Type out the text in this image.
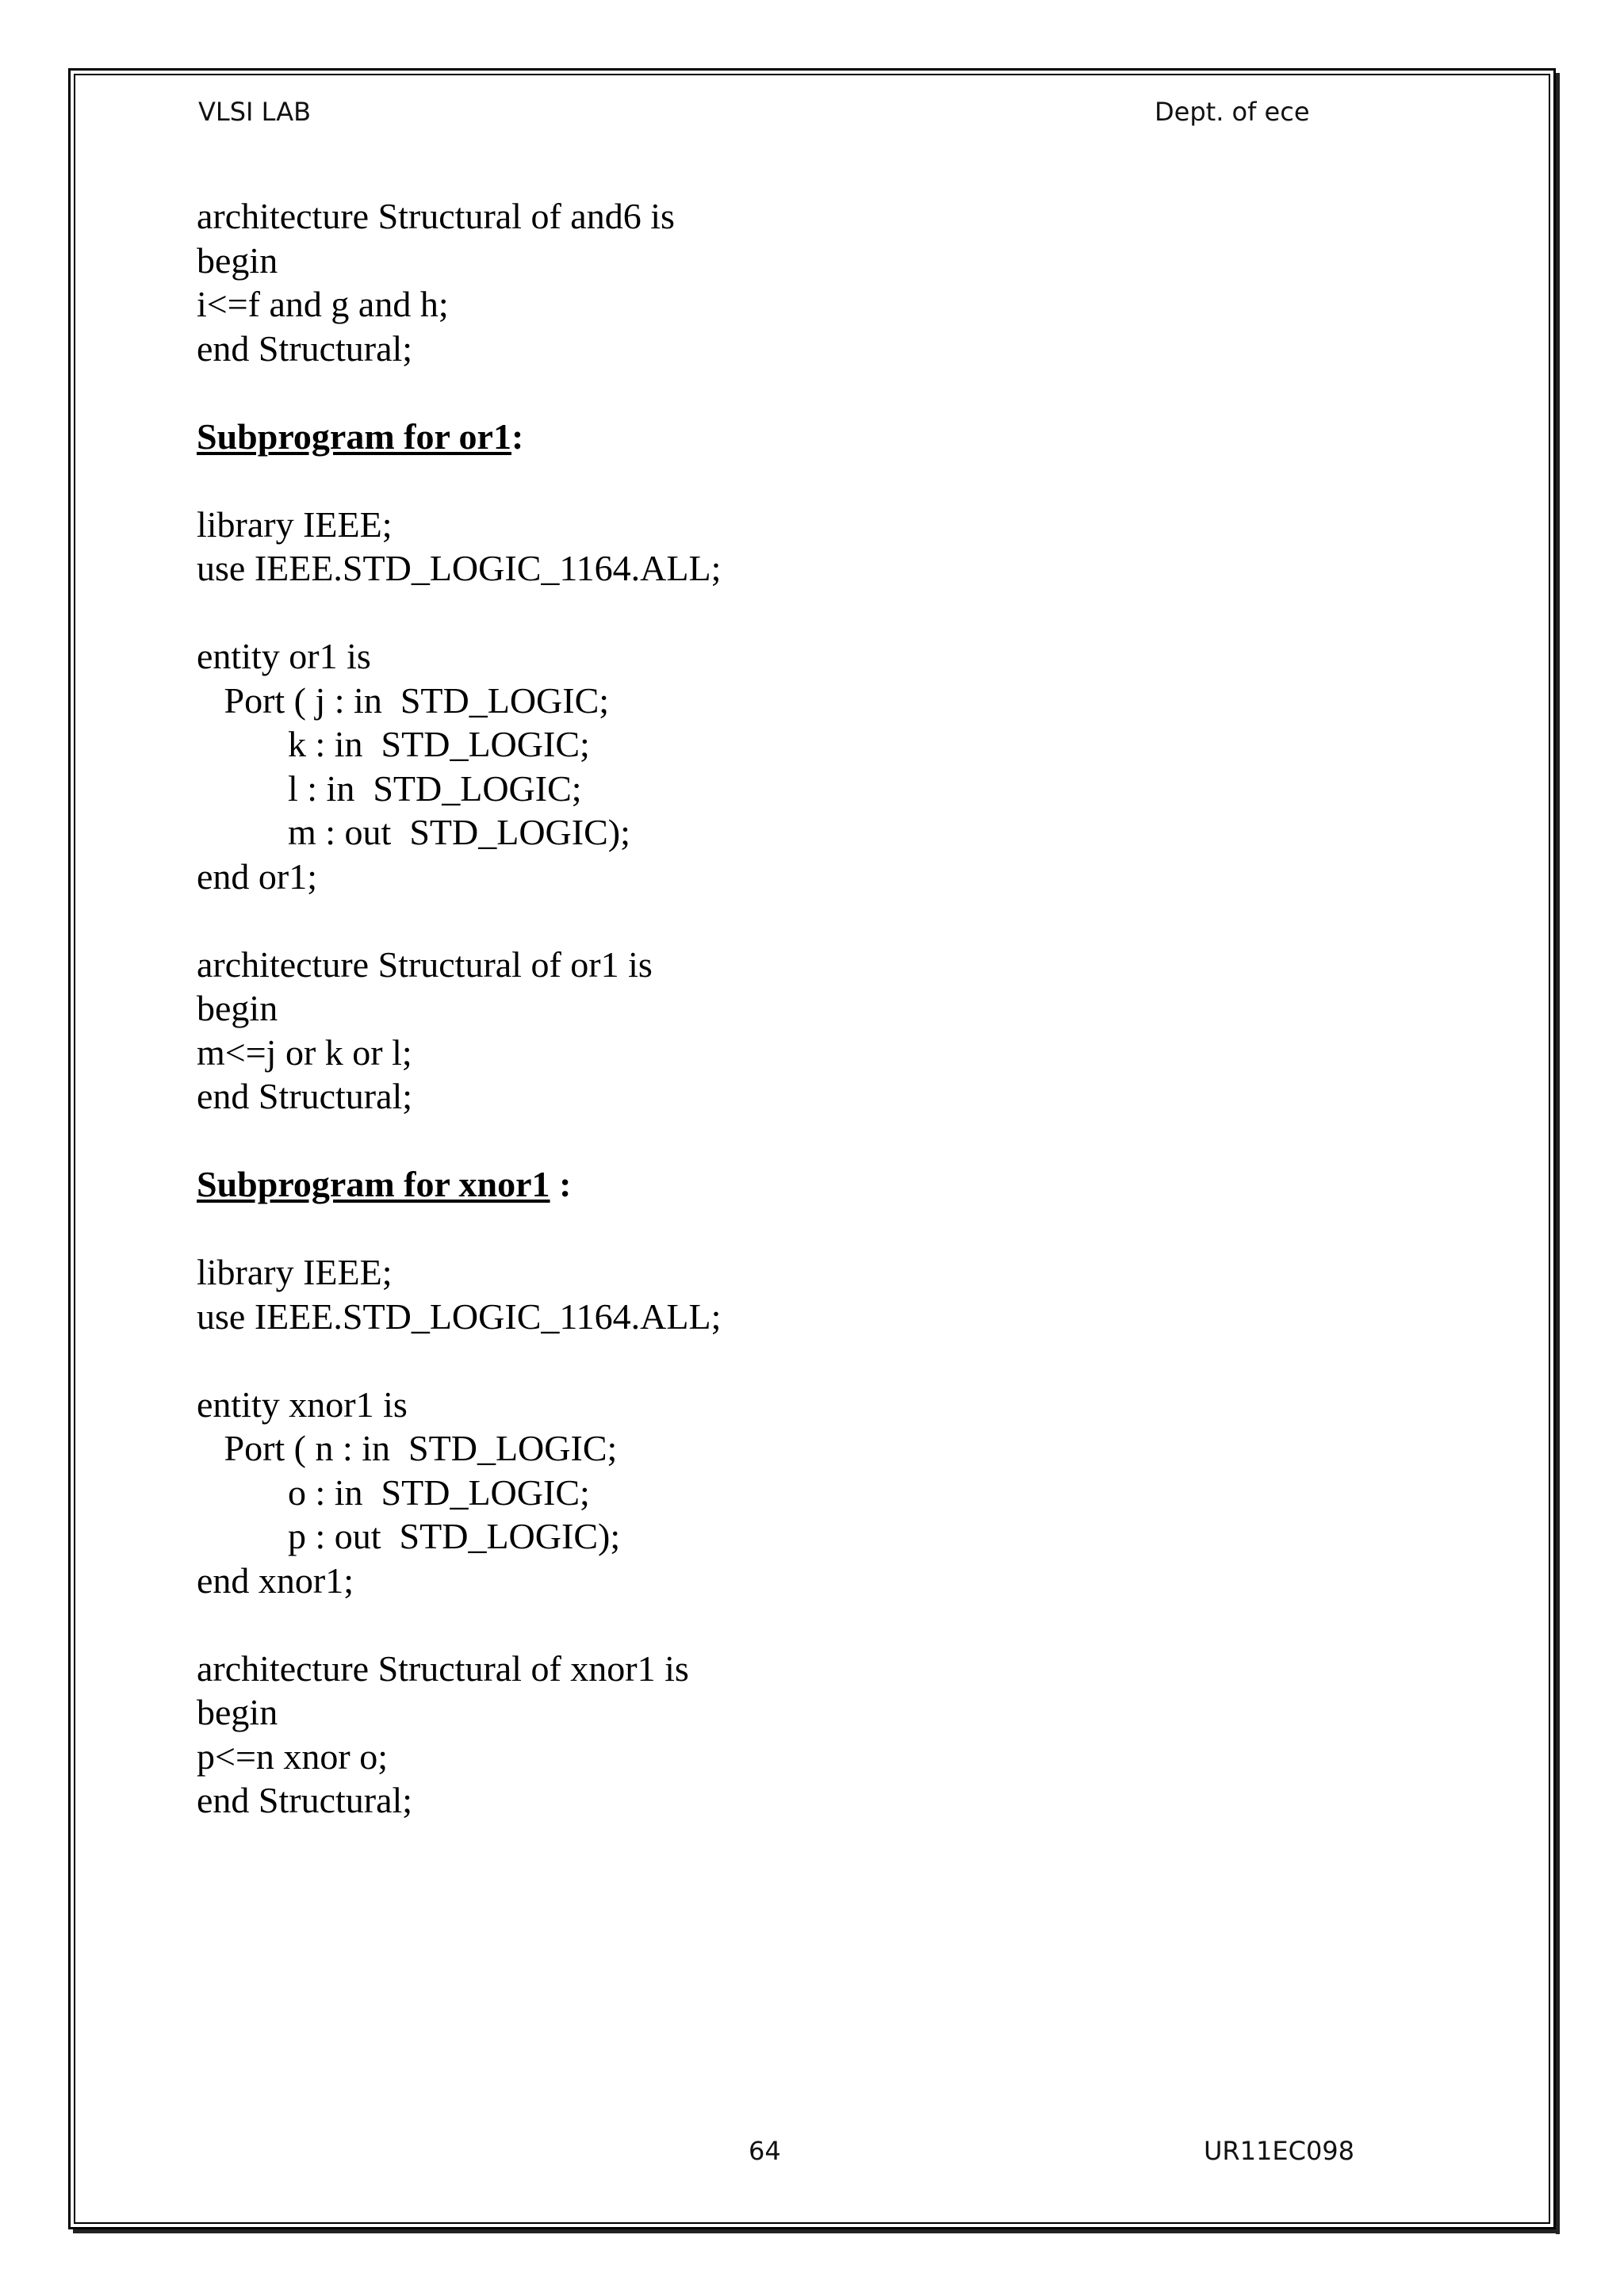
VLSI LAB	Dept. of ece
architecture Structural of and6 is
begin
i<=f and g and h;
end Structural;
Subprogram for or1:
library IEEE;
use IEEE.STD_LOGIC_1164.ALL;
entity or1 is
Port ( j : in  STD_LOGIC;
k : in  STD_LOGIC;
l : in  STD_LOGIC;
m : out  STD_LOGIC);
end or1;
architecture Structural of or1 is
begin
m<=j or k or l;
end Structural;
Subprogram for xnor1 :
library IEEE;
use IEEE.STD_LOGIC_1164.ALL;
entity xnor1 is
Port ( n : in  STD_LOGIC;
o : in  STD_LOGIC;
p : out  STD_LOGIC);
end xnor1;
architecture Structural of xnor1 is
begin
p<=n xnor o;
end Structural;
64	UR11EC098
